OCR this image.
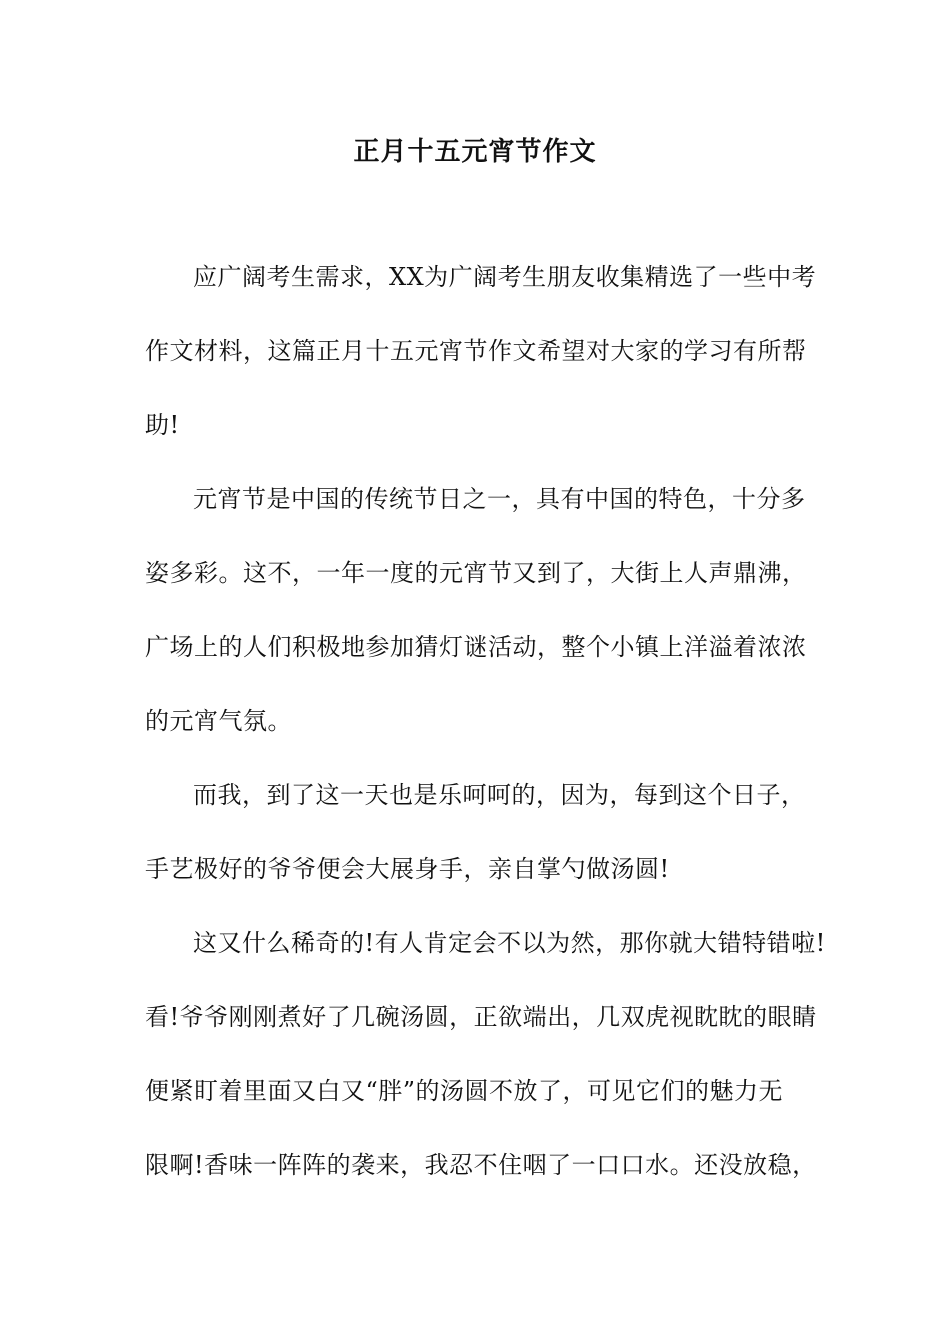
正月十五元宵节作文
应广阔考生需求，XX为广阔考生朋友收集精选了一些中考
作文材料，这篇正月十五元宵节作文希望对大家的学习有所帮
助!
元宵节是中国的传统节日之一，具有中国的特色，十分多
姿多彩。这不，一年一度的元宵节又到了，大街上人声鼎沸，
广场上的人们积极地参加猜灯谜活动，整个小镇上洋溢着浓浓
的元宵气氛。
而我，到了这一天也是乐呵呵的，因为，每到这个日子，
手艺极好的爷爷便会大展身手，亲自掌勺做汤圆!
这又什么稀奇的!有人肯定会不以为然，那你就大错特错啦!
看!爷爷刚刚煮好了几碗汤圆，正欲端出，几双虎视眈眈的眼睛
便紧盯着里面又白又“胖”的汤圆不放了，可见它们的魅力无
限啊!香味一阵阵的袭来，我忍不住咽了一口口水。还没放稳，
